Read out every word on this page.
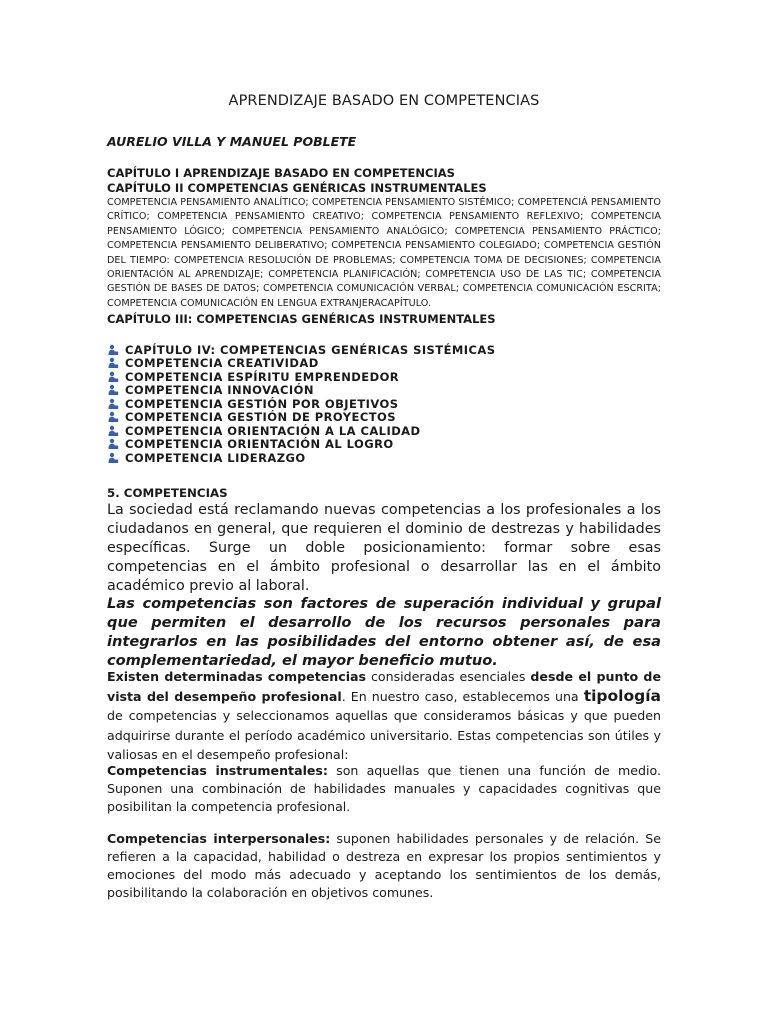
APRENDIZAJE BASADO EN COMPETENCIAS
AURELIO VILLA Y MANUEL POBLETE
CAPÍTULO I APRENDIZAJE BASADO EN COMPETENCIAS
CAPÍTULO II COMPETENCIAS GENÉRICAS INSTRUMENTALES
COMPETENCIA PENSAMIENTO ANALÍTICO; COMPETENCIA PENSAMIENTO SISTÉMICO; COMPETENCIÁ PENSAMIENTO CRÍTICO; COMPETENCIA PENSAMIENTO CREATIVO; COMPETENCIA PENSAMIENTO REFLEXIVO; COMPETENCIA PENSAMIENTO LÓGICO; COMPETENCIA PENSAMIENTO ANALÓGICO; COMPETENCIA PENSAMIENTO PRÁCTICO; COMPETENCIA PENSAMIENTO DELIBERATIVO; COMPETENCIA PENSAMIENTO COLEGIADO; COMPETENCIA GESTIÓN DEL TIEMPO: COMPETENCIA RESOLUCIÓN DE PROBLEMAS; COMPETENCIA TOMA DE DECISIONES; COMPETENCIA ORIENTACIÓN AL APRENDIZAJE; COMPETENCIA PLANIFICACIÓN; COMPETENCIA USO DE LAS TIC; COMPETENCIA GESTIÓN DE BASES DE DATOS; COMPETENCIA COMUNICACIÓN VERBAL; COMPETENCIA COMUNICACIÓN ESCRITA; COMPETENCIA COMUNICACIÓN EN LENGUA EXTRANJERACAPÍTULO.
CAPÍTULO III: COMPETENCIAS GENÉRICAS INSTRUMENTALES
CAPÍTULO IV: COMPETENCIAS GENÉRICAS SISTÉMICAS
COMPETENCIA CREATIVIDAD
COMPETENCIA ESPÍRITU EMPRENDEDOR
COMPETENCIA INNOVACIÓN
COMPETENCIA GESTIÓN POR OBJETIVOS
COMPETENCIA GESTIÓN DE PROYECTOS
COMPETENCIA ORIENTACIÓN A LA CALIDAD
COMPETENCIA ORIENTACIÓN AL LOGRO
COMPETENCIA LIDERAZGO
5. COMPETENCIAS
La sociedad está reclamando nuevas competencias a los profesionales a los ciudadanos en general, que requieren el dominio de destrezas y habilidades específicas. Surge un doble posicionamiento: formar sobre esas competencias en el ámbito profesional o desarrollar las en el ámbito académico previo al laboral.
Las competencias son factores de superación individual y grupal que permiten el desarrollo de los recursos personales para integrarlos en las posibilidades del entorno obtener así, de esa complementariedad, el mayor beneficio mutuo.
Existen determinadas competencias consideradas esenciales desde el punto de vista del desempeño profesional. En nuestro caso, establecemos una tipología de competencias y seleccionamos aquellas que consideramos básicas y que pueden adquirirse durante el período académico universitario. Estas competencias son útiles y valiosas en el desempeño profesional:
Competencias instrumentales: son aquellas que tienen una función de medio. Suponen una combinación de habilidades manuales y capacidades cognitivas que posibilitan la competencia profesional.
Competencias interpersonales: suponen habilidades personales y de relación. Se refieren a la capacidad, habilidad o destreza en expresar los propios sentimientos y emociones del modo más adecuado y aceptando los sentimientos de los demás, posibilitando la colaboración en objetivos comunes.
